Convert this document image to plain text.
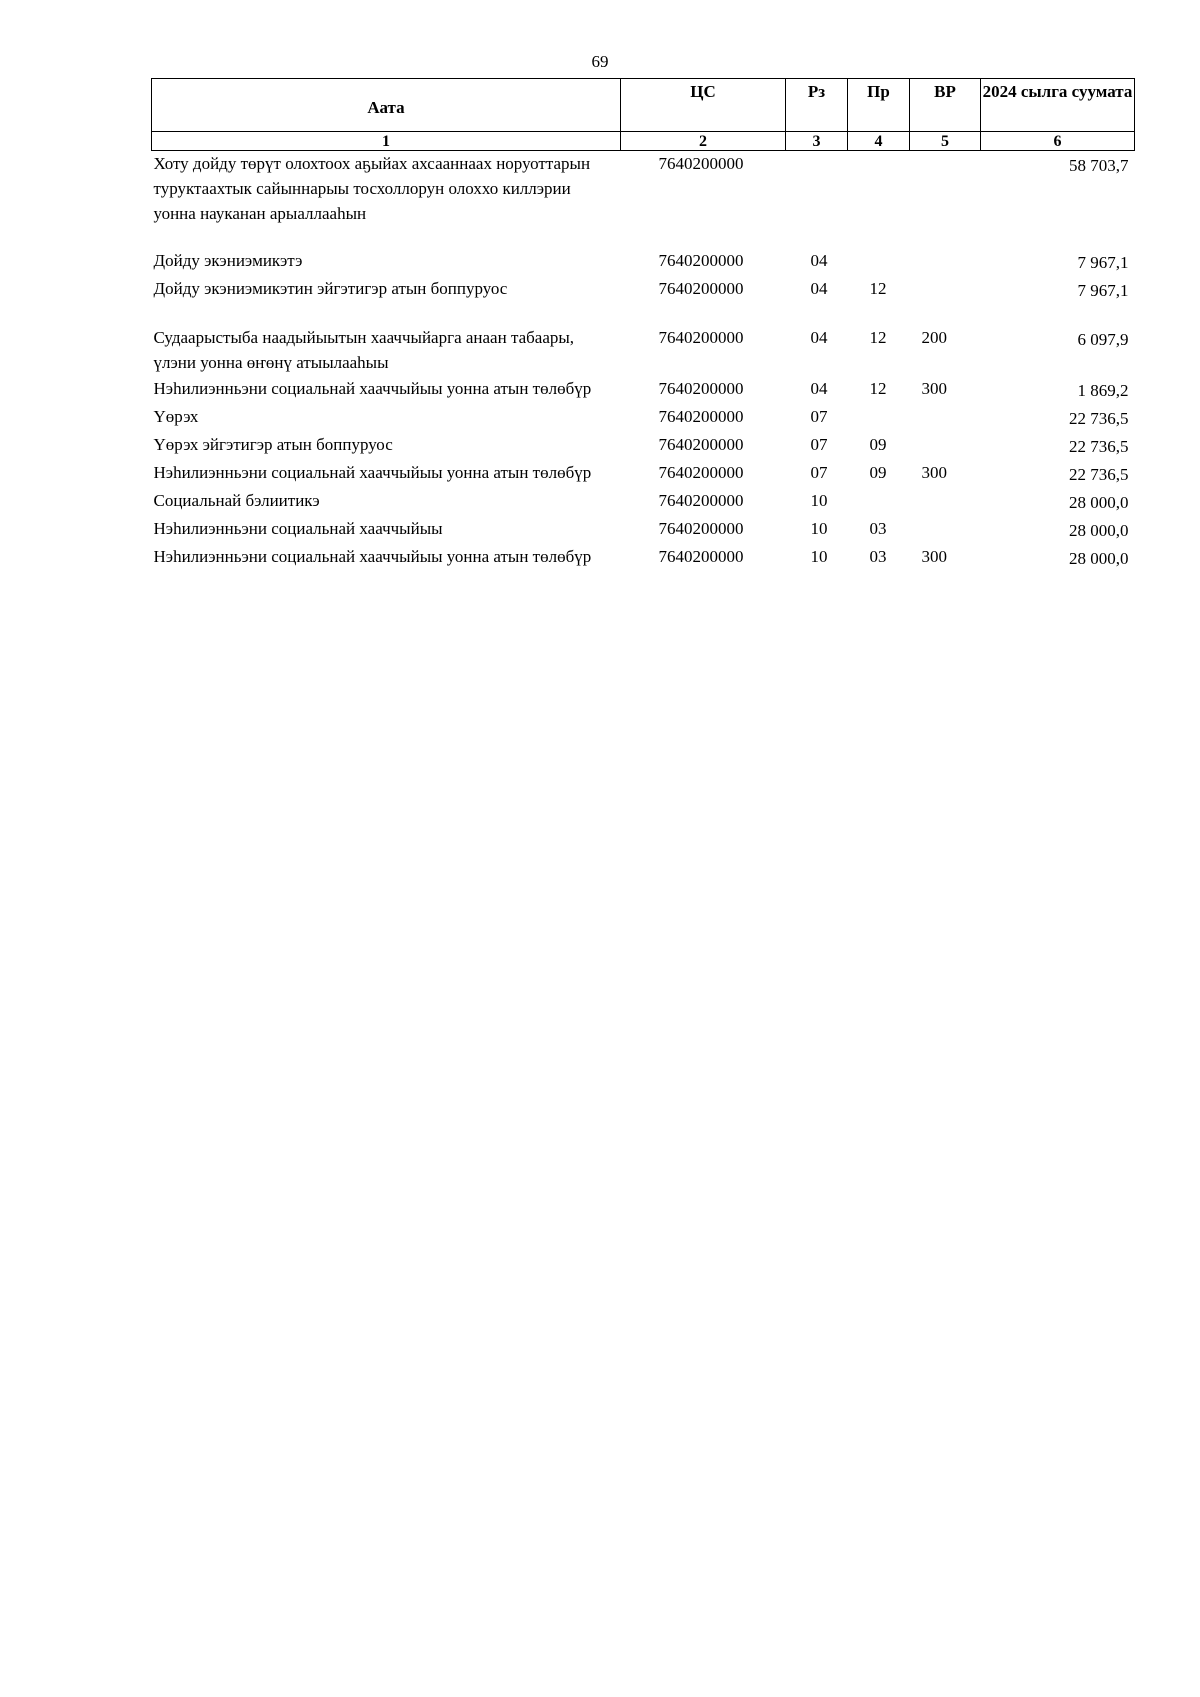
69
Аата	ЦС	Рз	Пр	ВР	2024 сылга суумата
1	2	3	4	5	6
Хоту дойду төрүт олохтоох аҕыйах ахсааннаах норуоттарын туруктаахтык сайыннарыы тосхоллорун олоххо киллэрии уонна науканан арыаллааһын	7640200000				58 703,7
Дойду экэниэмикэтэ	7640200000	04			7 967,1
Дойду экэниэмикэтин эйгэтигэр атын боппуруос	7640200000	04	12		7 967,1
Судаарыстыба наадыйыытын хааччыйарга анаан табаары, үлэни уонна өҥөнү атыылааһыы	7640200000	04	12	200	6 097,9
Нэһилиэнньэни социальнай хааччыйыы уонна атын төлөбүр	7640200000	04	12	300	1 869,2
Үөрэх	7640200000	07			22 736,5
Үөрэх эйгэтигэр атын боппуруос	7640200000	07	09		22 736,5
Нэһилиэнньэни социальнай хааччыйыы уонна атын төлөбүр	7640200000	07	09	300	22 736,5
Социальнай бэлиитикэ	7640200000	10			28 000,0
Нэһилиэнньэни социальнай хааччыйыы	7640200000	10	03		28 000,0
Нэһилиэнньэни социальнай хааччыйыы уонна атын төлөбүр	7640200000	10	03	300	28 000,0
